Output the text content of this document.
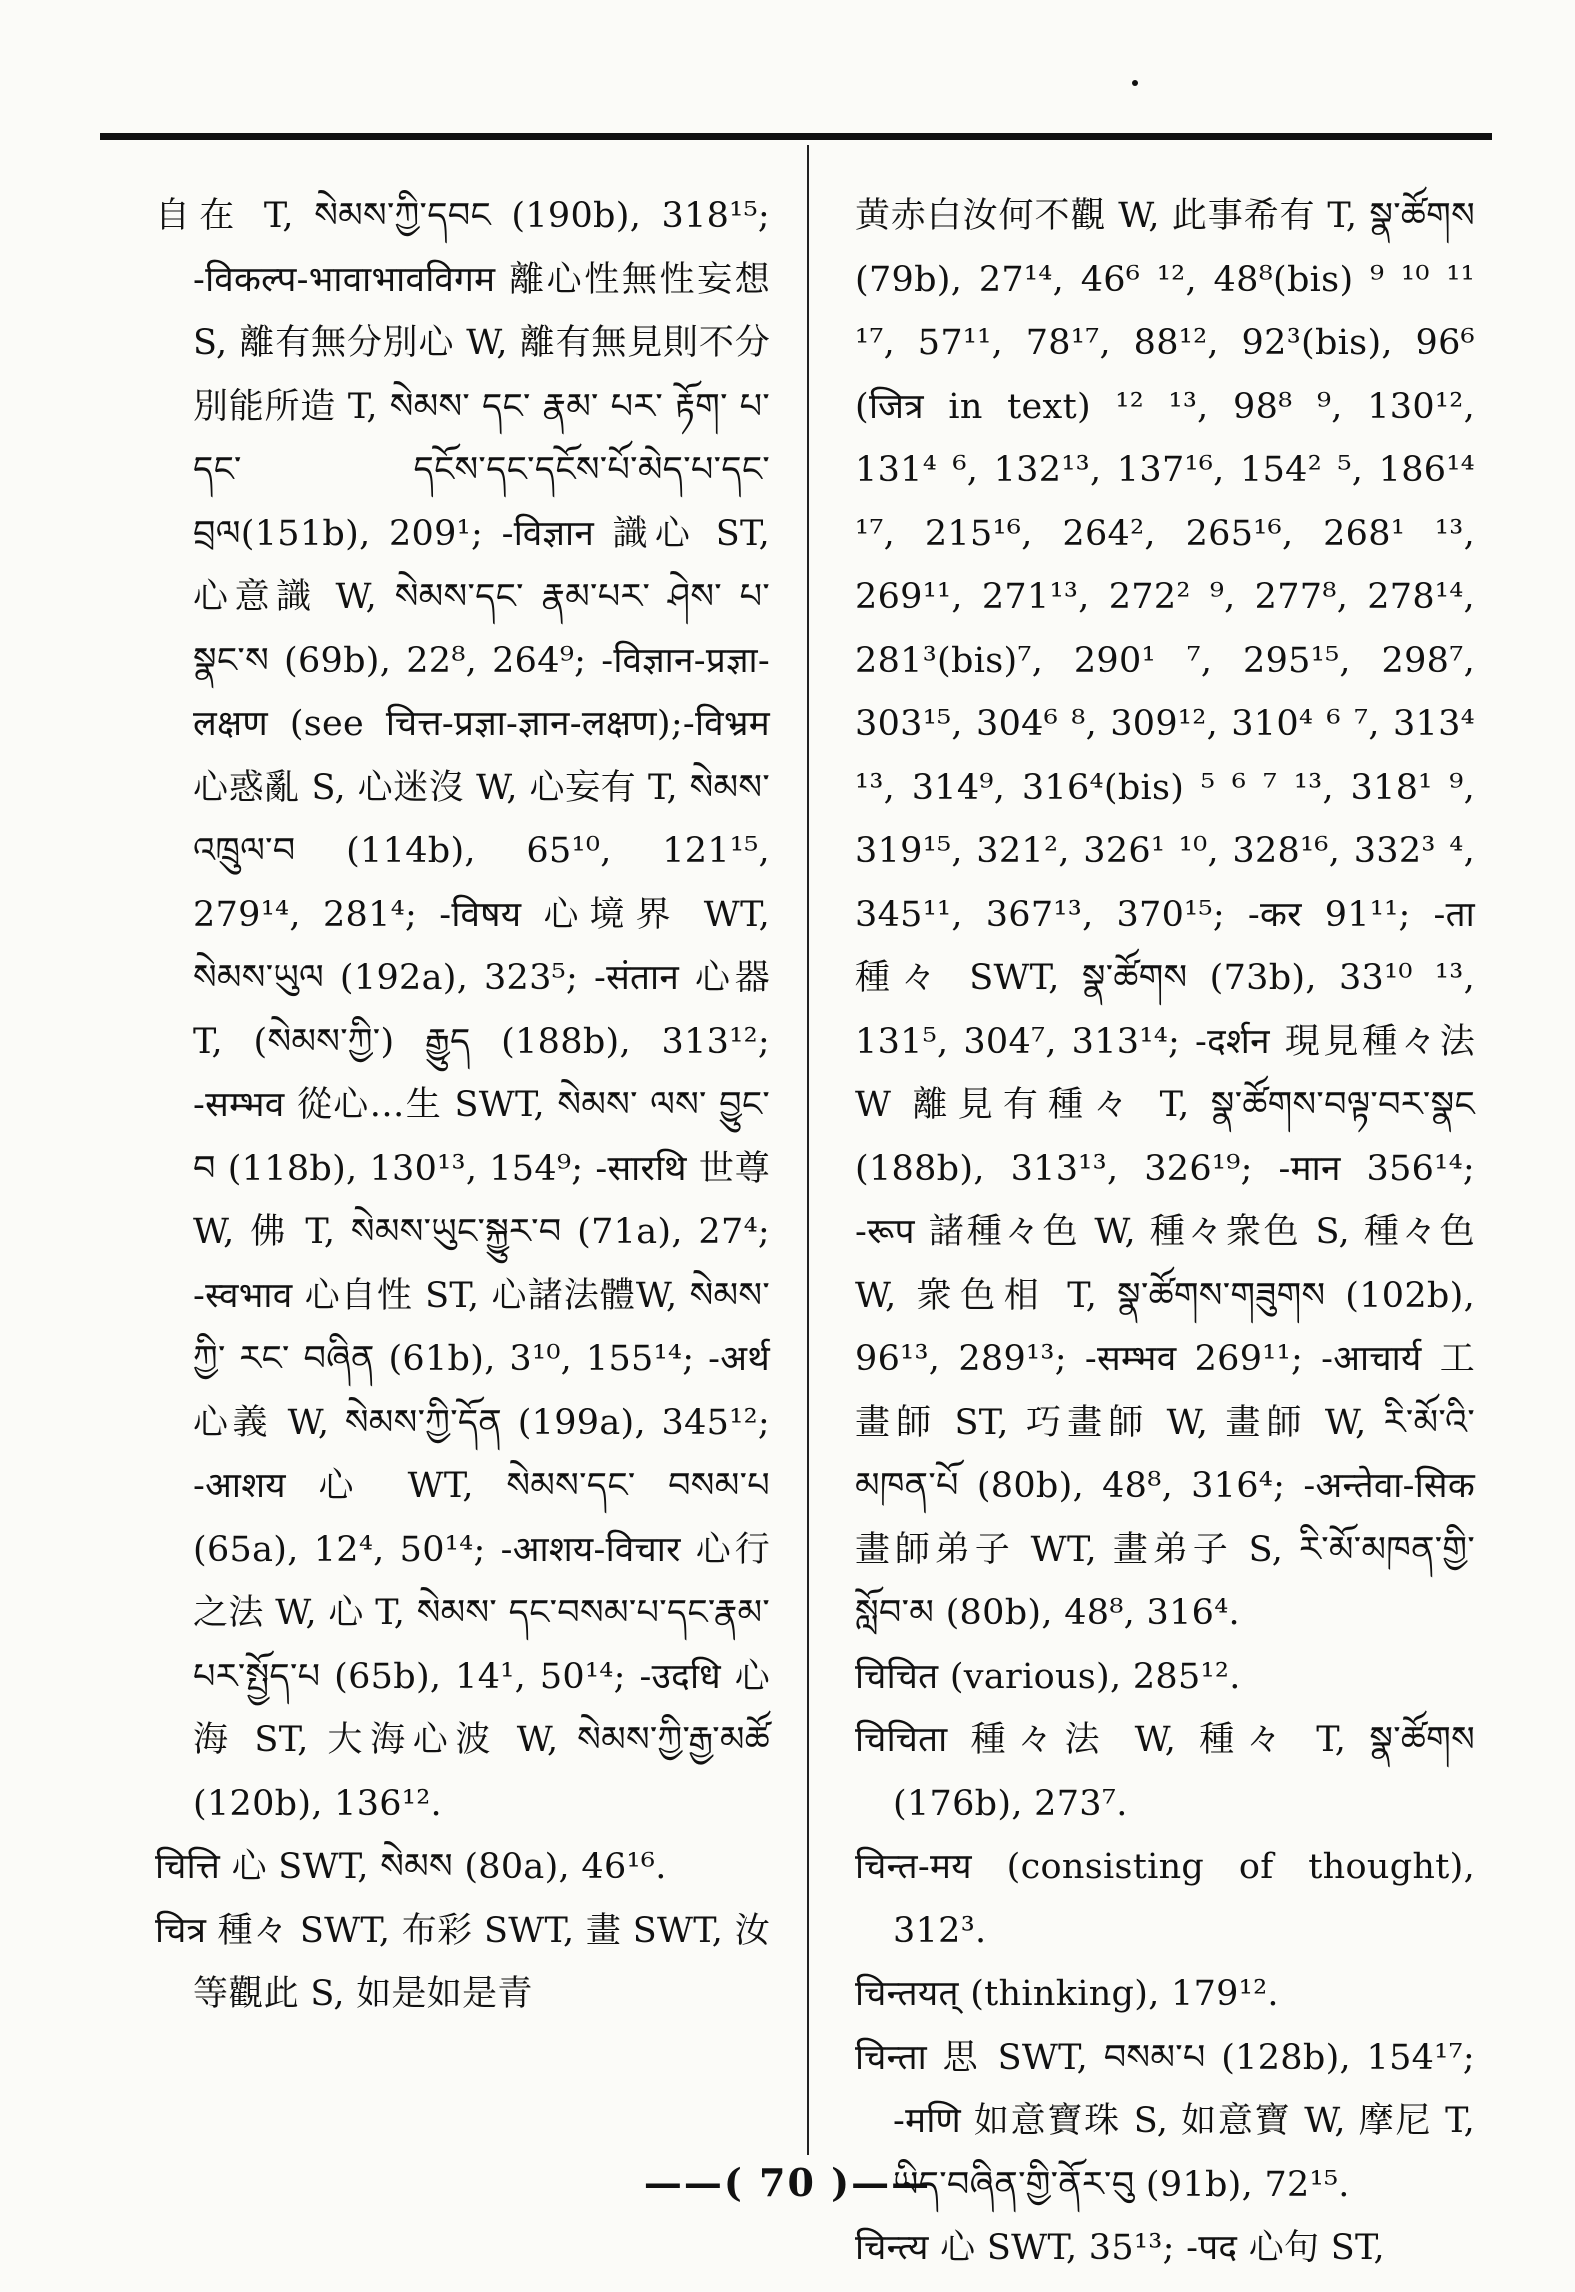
自在 T, སེམས་ཀྱི་དབང (190b), 318¹⁵; -विकल्प-भावाभावविगम 離心性無性妄想 S, 離有無分別心 W, 離有無見則不分別能所造 T, སེམས་ དང་ རྣམ་ པར་ རྟོག་ པ་ དང་ དངོས་དང་དངོས་པོ་མེད་པ་དང་བྲལ(151b), 209¹; -विज्ञान 識心 ST, 心意識 W, སེམས་དང་ རྣམ་པར་ ཤེས་ པ་ སྣང་ས (69b), 22⁸, 264⁹; -विज्ञान-प्रज्ञा-लक्षण (see चित्त-प्रज्ञा-ज्ञान-लक्षण);-विभ्रम 心惑亂 S, 心迷沒 W, 心妄有 T, སེམས་འཁྲུལ་བ (114b), 65¹⁰, 121¹⁵, 279¹⁴, 281⁴; -विषय 心境界 WT, སེམས་ཡུལ (192a), 323⁵; -संतान 心器 T, (སེམས་ཀྱི་) རྒྱུད (188b), 313¹²; -सम्भव 從心…生 SWT, སེམས་ ལས་ བྱུང་ བ (118b), 130¹³, 154⁹; -सारथि 世尊 W, 佛 T, སེམས་ཡུང་སྐྱུར་བ (71a), 27⁴; -स्वभाव 心自性 ST, 心諸法體W, སེམས་ ཀྱི་ རང་ བཞིན (61b), 3¹⁰, 155¹⁴; -अर्थ 心義 W, སེམས་ཀྱི་དོན (199a), 345¹²; -आशय 心 WT, སེམས་དང་ བསམ་པ (65a), 12⁴, 50¹⁴; -आशय-विचार 心行之法 W, 心 T, སེམས་ དང་བསམ་པ་དང་རྣམ་པར་སྤྱོད་པ (65b), 14¹, 50¹⁴; -उदधि 心海 ST, 大海心波 W, སེམས་ཀྱི་རྒྱ་མཚོ (120b), 136¹².

चित्ति 心 SWT, སེམས (80a), 46¹⁶.

चित्र 種々 SWT, 布彩 SWT, 畫 SWT, 汝等觀此 S, 如是如是青

黄赤白汝何不觀 W, 此事希有 T, སྣ་ཚོགས (79b), 27¹⁴, 46⁶ ¹², 48⁸(bis) ⁹ ¹⁰ ¹¹ ¹⁷, 57¹¹, 78¹⁷, 88¹², 92³(bis), 96⁶ (जित्र in text) ¹² ¹³, 98⁸ ⁹, 130¹², 131⁴ ⁶, 132¹³, 137¹⁶, 154² ⁵, 186¹⁴ ¹⁷, 215¹⁶, 264², 265¹⁶, 268¹ ¹³, 269¹¹, 271¹³, 272² ⁹, 277⁸, 278¹⁴, 281³(bis)⁷, 290¹ ⁷, 295¹⁵, 298⁷, 303¹⁵, 304⁶ ⁸, 309¹², 310⁴ ⁶ ⁷, 313⁴ ¹³, 314⁹, 316⁴(bis) ⁵ ⁶ ⁷ ¹³, 318¹ ⁹, 319¹⁵, 321², 326¹ ¹⁰, 328¹⁶, 332³ ⁴, 345¹¹, 367¹³, 370¹⁵; -कर 91¹¹; -ता 種々 SWT, སྣ་ཚོགས (73b), 33¹⁰ ¹³, 131⁵, 304⁷, 313¹⁴; -दर्शन 現見種々法 W 離見有種々 T, སྣ་ཚོགས་བལྟ་བར་སྣང (188b), 313¹³, 326¹⁹; -मान 356¹⁴; -रूप 諸種々色 W, 種々衆色 S, 種々色 W, 衆色相 T, སྣ་ཚོགས་གཟུགས (102b), 96¹³, 289¹³; -सम्भव 269¹¹; -आचार्य 工畫師 ST, 巧畫師 W, 畫師 W, རི་མོ་འི་ མཁན་པོ (80b), 48⁸, 316⁴; -अन्तेवा-सिक 畫師弟子 WT, 畫弟子 S, རི་མོ་མཁན་གྱི་སློབ་མ (80b), 48⁸, 316⁴.

चिचित (various), 285¹².

चिचिता 種々法 W, 種々 T, སྣ་ཚོགས (176b), 273⁷.

चिन्त-मय (consisting of thought), 312³.

चिन्तयत् (thinking), 179¹².

चिन्ता 思 SWT, བསམ་པ (128b), 154¹⁷; -मणि 如意寶珠 S, 如意寶 W, 摩尼 T, ཡིད་བཞིན་གྱི་ནོར་བུ (91b), 72¹⁵.

चिन्त्य 心 SWT, 35¹³; -पद 心句 ST,

——( 70 )——
